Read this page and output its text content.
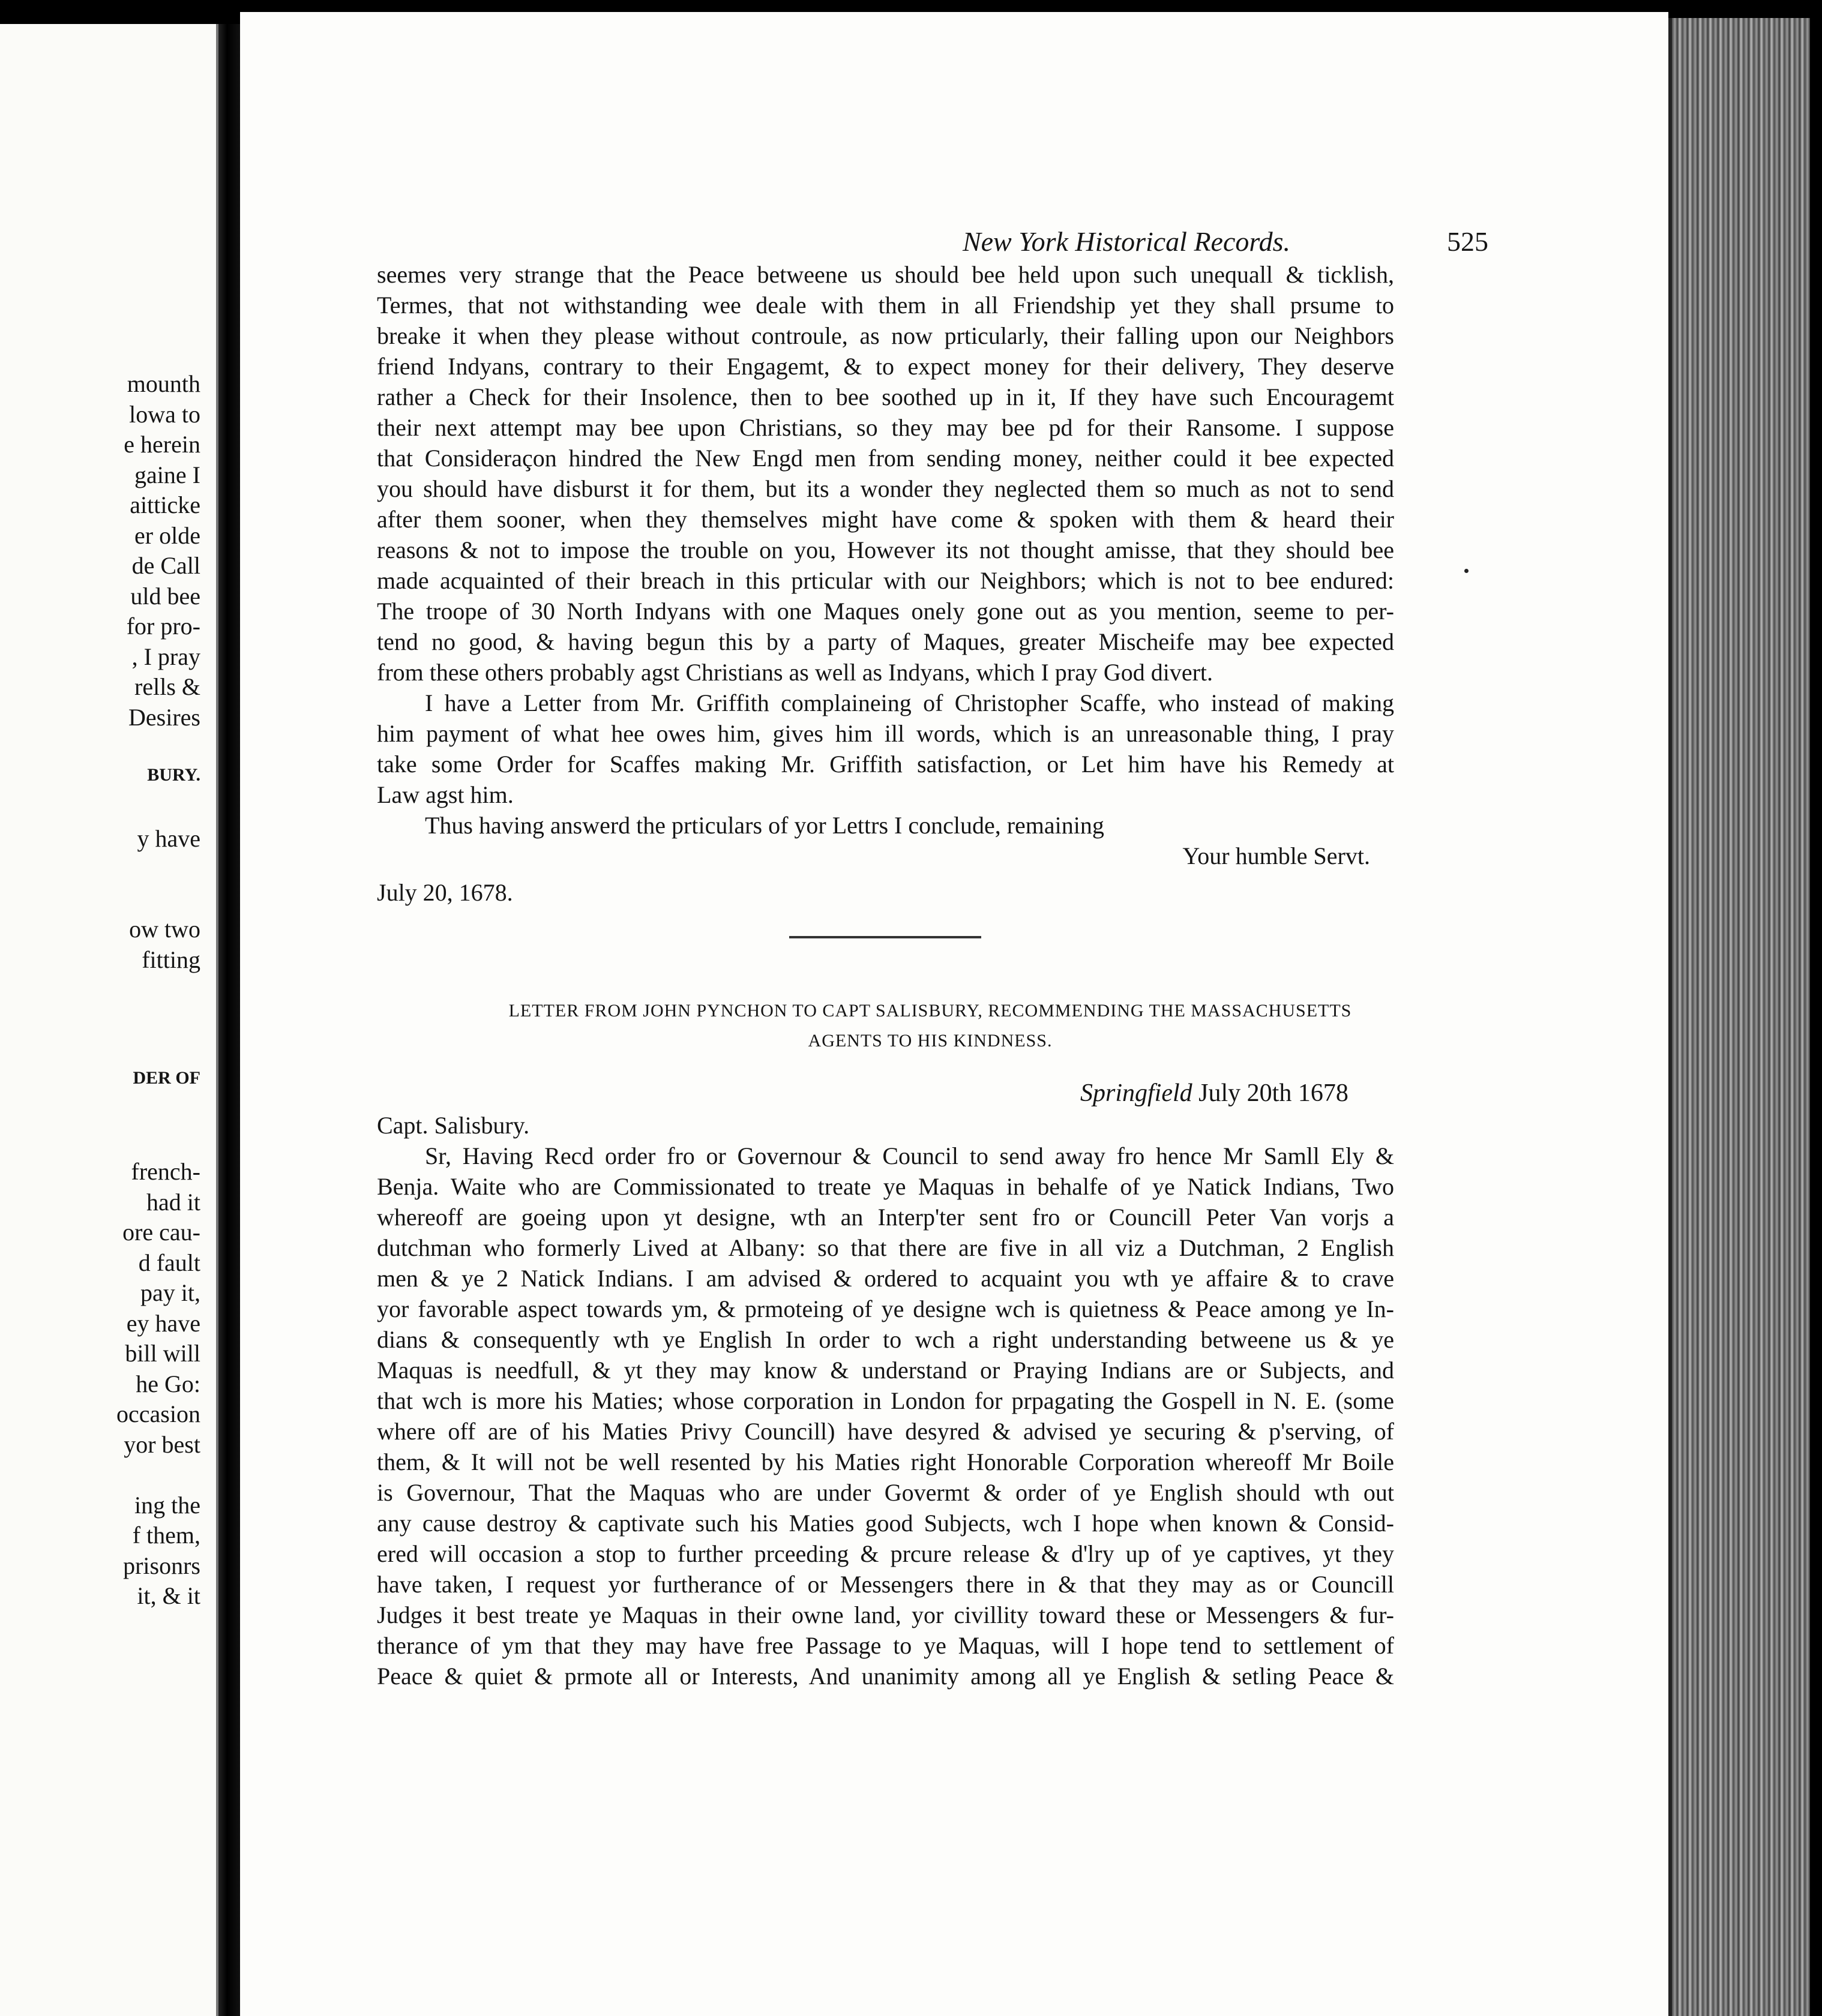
mounth
lowa to
e herein
gaine I
aitticke
er olde
de Call
uld bee
for pro-
, I pray
rells &
Desires
BURY.
y have
ow two
fitting
DER OF
french-
had it
ore cau-
d fault
pay it,
ey have
bill will
he Go:
occasion
yor best
ing the
f them,
prisonrs
it, & it
New York Historical Records.	525
seemes very strange that the Peace betweene us should bee held upon such unequall & ticklish,
Termes, that not withstanding wee deale with them in all Friendship yet they shall prsume to
breake it when they please without controule, as now prticularly, their falling upon our Neighbors
friend Indyans, contrary to their Engagemt, & to expect money for their delivery, They deserve
rather a Check for their Insolence, then to bee soothed up in it, If they have such Encouragemt
their next attempt may bee upon Christians, so they may bee pd for their Ransome. I suppose
that Consideraçon hindred the New Engd men from sending money, neither could it bee expected
you should have disburst it for them, but its a wonder they neglected them so much as not to send
after them sooner, when they themselves might have come & spoken with them & heard their
reasons & not to impose the trouble on you, However its not thought amisse, that they should bee
made acquainted of their breach in this prticular with our Neighbors; which is not to bee endured:
The troope of 30 North Indyans with one Maques onely gone out as you mention, seeme to per-
tend no good, & having begun this by a party of Maques, greater Mischeife may bee expected
from these others probably agst Christians as well as Indyans, which I pray God divert.
I have a Letter from Mr. Griffith complaineing of Christopher Scaffe, who instead of making
him payment of what hee owes him, gives him ill words, which is an unreasonable thing, I pray
take some Order for Scaffes making Mr. Griffith satisfaction, or Let him have his Remedy at
Law agst him.
Thus having answerd the prticulars of yor Lettrs I conclude, remaining
Your humble Servt.
July 20, 1678.
LETTER FROM JOHN PYNCHON TO CAPT SALISBURY, RECOMMENDING THE MASSACHUSETTS
AGENTS TO HIS KINDNESS.
Springfield July 20th 1678
Capt. Salisbury.
Sr, Having Recd order fro or Governour & Council to send away fro hence Mr Samll Ely &
Benja. Waite who are Commissionated to treate ye Maquas in behalfe of ye Natick Indians, Two
whereoff are goeing upon yt designe, wth an Interp'ter sent fro or Councill Peter Van vorjs a
dutchman who formerly Lived at Albany: so that there are five in all viz a Dutchman, 2 English
men & ye 2 Natick Indians. I am advised & ordered to acquaint you wth ye affaire & to crave
yor favorable aspect towards ym, & prmoteing of ye designe wch is quietness & Peace among ye In-
dians & consequently wth ye English In order to wch a right understanding betweene us & ye
Maquas is needfull, & yt they may know & understand or Praying Indians are or Subjects, and
that wch is more his Maties; whose corporation in London for prpagating the Gospell in N. E. (some
where off are of his Maties Privy Councill) have desyred & advised ye securing & p'serving, of
them, & It will not be well resented by his Maties right Honorable Corporation whereoff Mr Boile
is Governour, That the Maquas who are under Govermt & order of ye English should wth out
any cause destroy & captivate such his Maties good Subjects, wch I hope when known & Consid-
ered will occasion a stop to further prceeding & prcure release & d'lry up of ye captives, yt they
have taken, I request yor furtherance of or Messengers there in & that they may as or Councill
Judges it best treate ye Maquas in their owne land, yor civillity toward these or Messengers & fur-
therance of ym that they may have free Passage to ye Maquas, will I hope tend to settlement of
Peace & quiet & prmote all or Interests, And unanimity among all ye English & setling Peace &
